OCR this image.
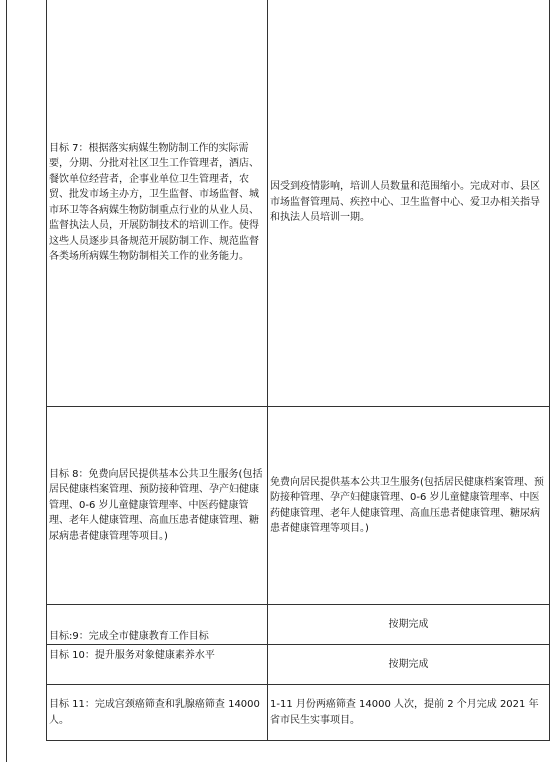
目标 7：根据落实病媒生物防制工作的实际需要，分期、分批对社区卫生工作管理者，酒店、餐饮单位经营者，企事业单位卫生管理者，农贸、批发市场主办方，卫生监督、市场监督、城市环卫等各病媒生物防制重点行业的从业人员、监督执法人员，开展防制技术的培训工作。使得这些人员逐步具备规范开展防制工作、规范监督各类场所病媒生物防制相关工作的业务能力。	因受到疫情影响，培训人员数量和范围缩小。完成对市、县区市场监督管理局、疾控中心、卫生监督中心、爱卫办相关指导和执法人员培训一期。
目标 8：免费向居民提供基本公共卫生服务(包括居民健康档案管理、预防接种管理、孕产妇健康管理、0-6 岁儿童健康管理率、中医药健康管理、老年人健康管理、高血压患者健康管理、糖尿病患者健康管理等项目。)	免费向居民提供基本公共卫生服务(包括居民健康档案管理、预防接种管理、孕产妇健康管理、0-6 岁儿童健康管理率、中医药健康管理、老年人健康管理、高血压患者健康管理、糖尿病患者健康管理等项目。)
目标:9：完成全市健康教育工作目标	按期完成
目标 10：提升服务对象健康素养水平	按期完成
目标 11：完成宫颈癌筛查和乳腺癌筛查 14000 人。	1-11 月份两癌筛查 14000 人次，提前 2 个月完成 2021 年省市民生实事项目。
